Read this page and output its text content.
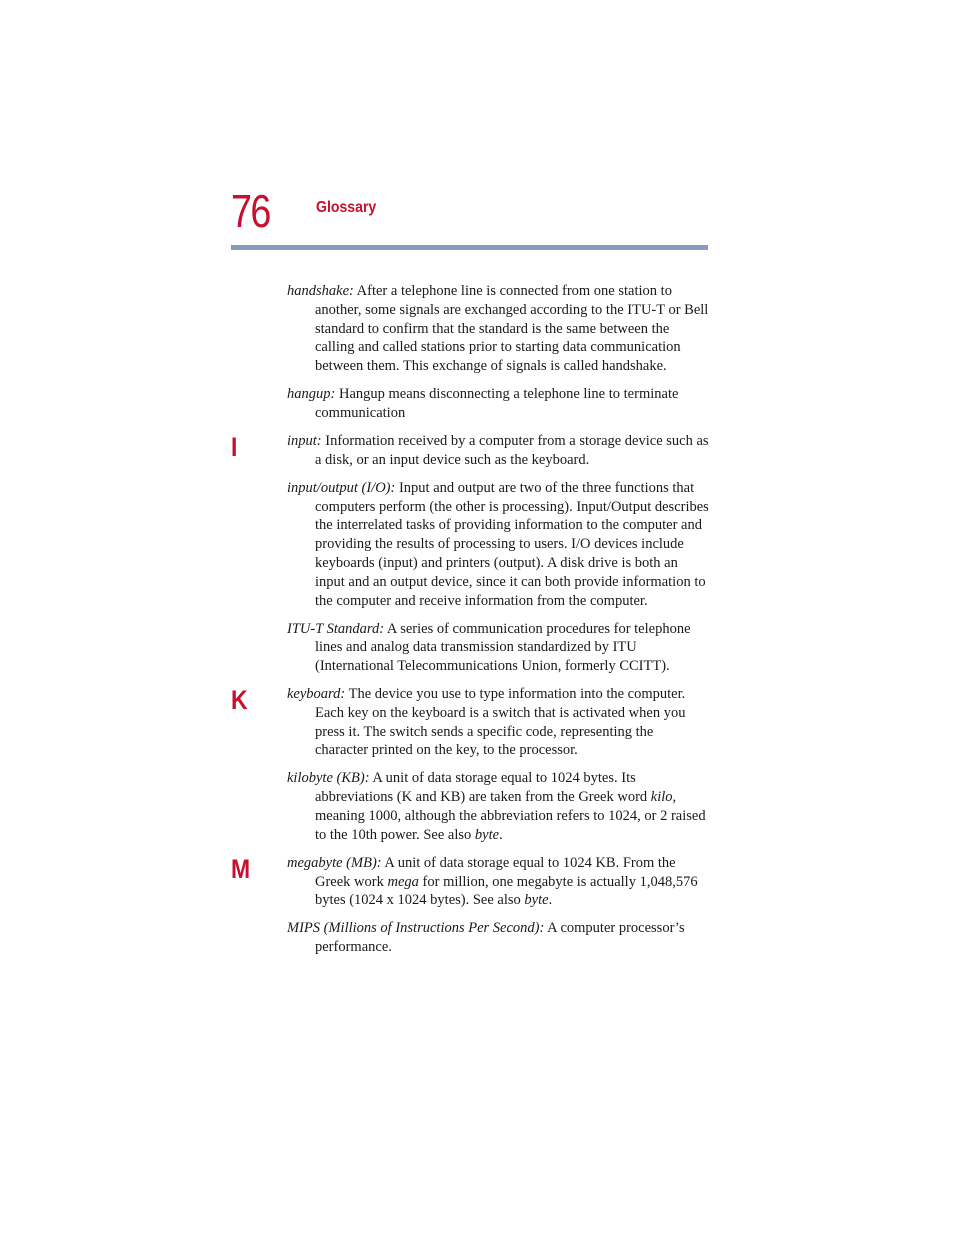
76	Glossary

handshake: After a telephone line is connected from one station to another, some signals are exchanged according to the ITU-T or Bell standard to confirm that the standard is the same between the calling and called stations prior to starting data communication between them. This exchange of signals is called handshake.

hangup: Hangup means disconnecting a telephone line to terminate communication

I	input: Information received by a computer from a storage device such as a disk, or an input device such as the keyboard.

input/output (I/O): Input and output are two of the three functions that computers perform (the other is processing). Input/Output describes the interrelated tasks of providing information to the computer and providing the results of processing to users. I/O devices include keyboards (input) and printers (output). A disk drive is both an input and an output device, since it can both provide information to the computer and receive information from the computer.

ITU-T Standard: A series of communication procedures for telephone lines and analog data transmission standardized by ITU (International Telecommunications Union, formerly CCITT).

K	keyboard: The device you use to type information into the computer. Each key on the keyboard is a switch that is activated when you press it. The switch sends a specific code, representing the character printed on the key, to the processor.

kilobyte (KB): A unit of data storage equal to 1024 bytes. Its abbreviations (K and KB) are taken from the Greek word kilo, meaning 1000, although the abbreviation refers to 1024, or 2 raised to the 10th power. See also byte.

M	megabyte (MB): A unit of data storage equal to 1024 KB. From the Greek work mega for million, one megabyte is actually 1,048,576 bytes (1024 x 1024 bytes). See also byte.

MIPS (Millions of Instructions Per Second): A computer processor’s performance.
